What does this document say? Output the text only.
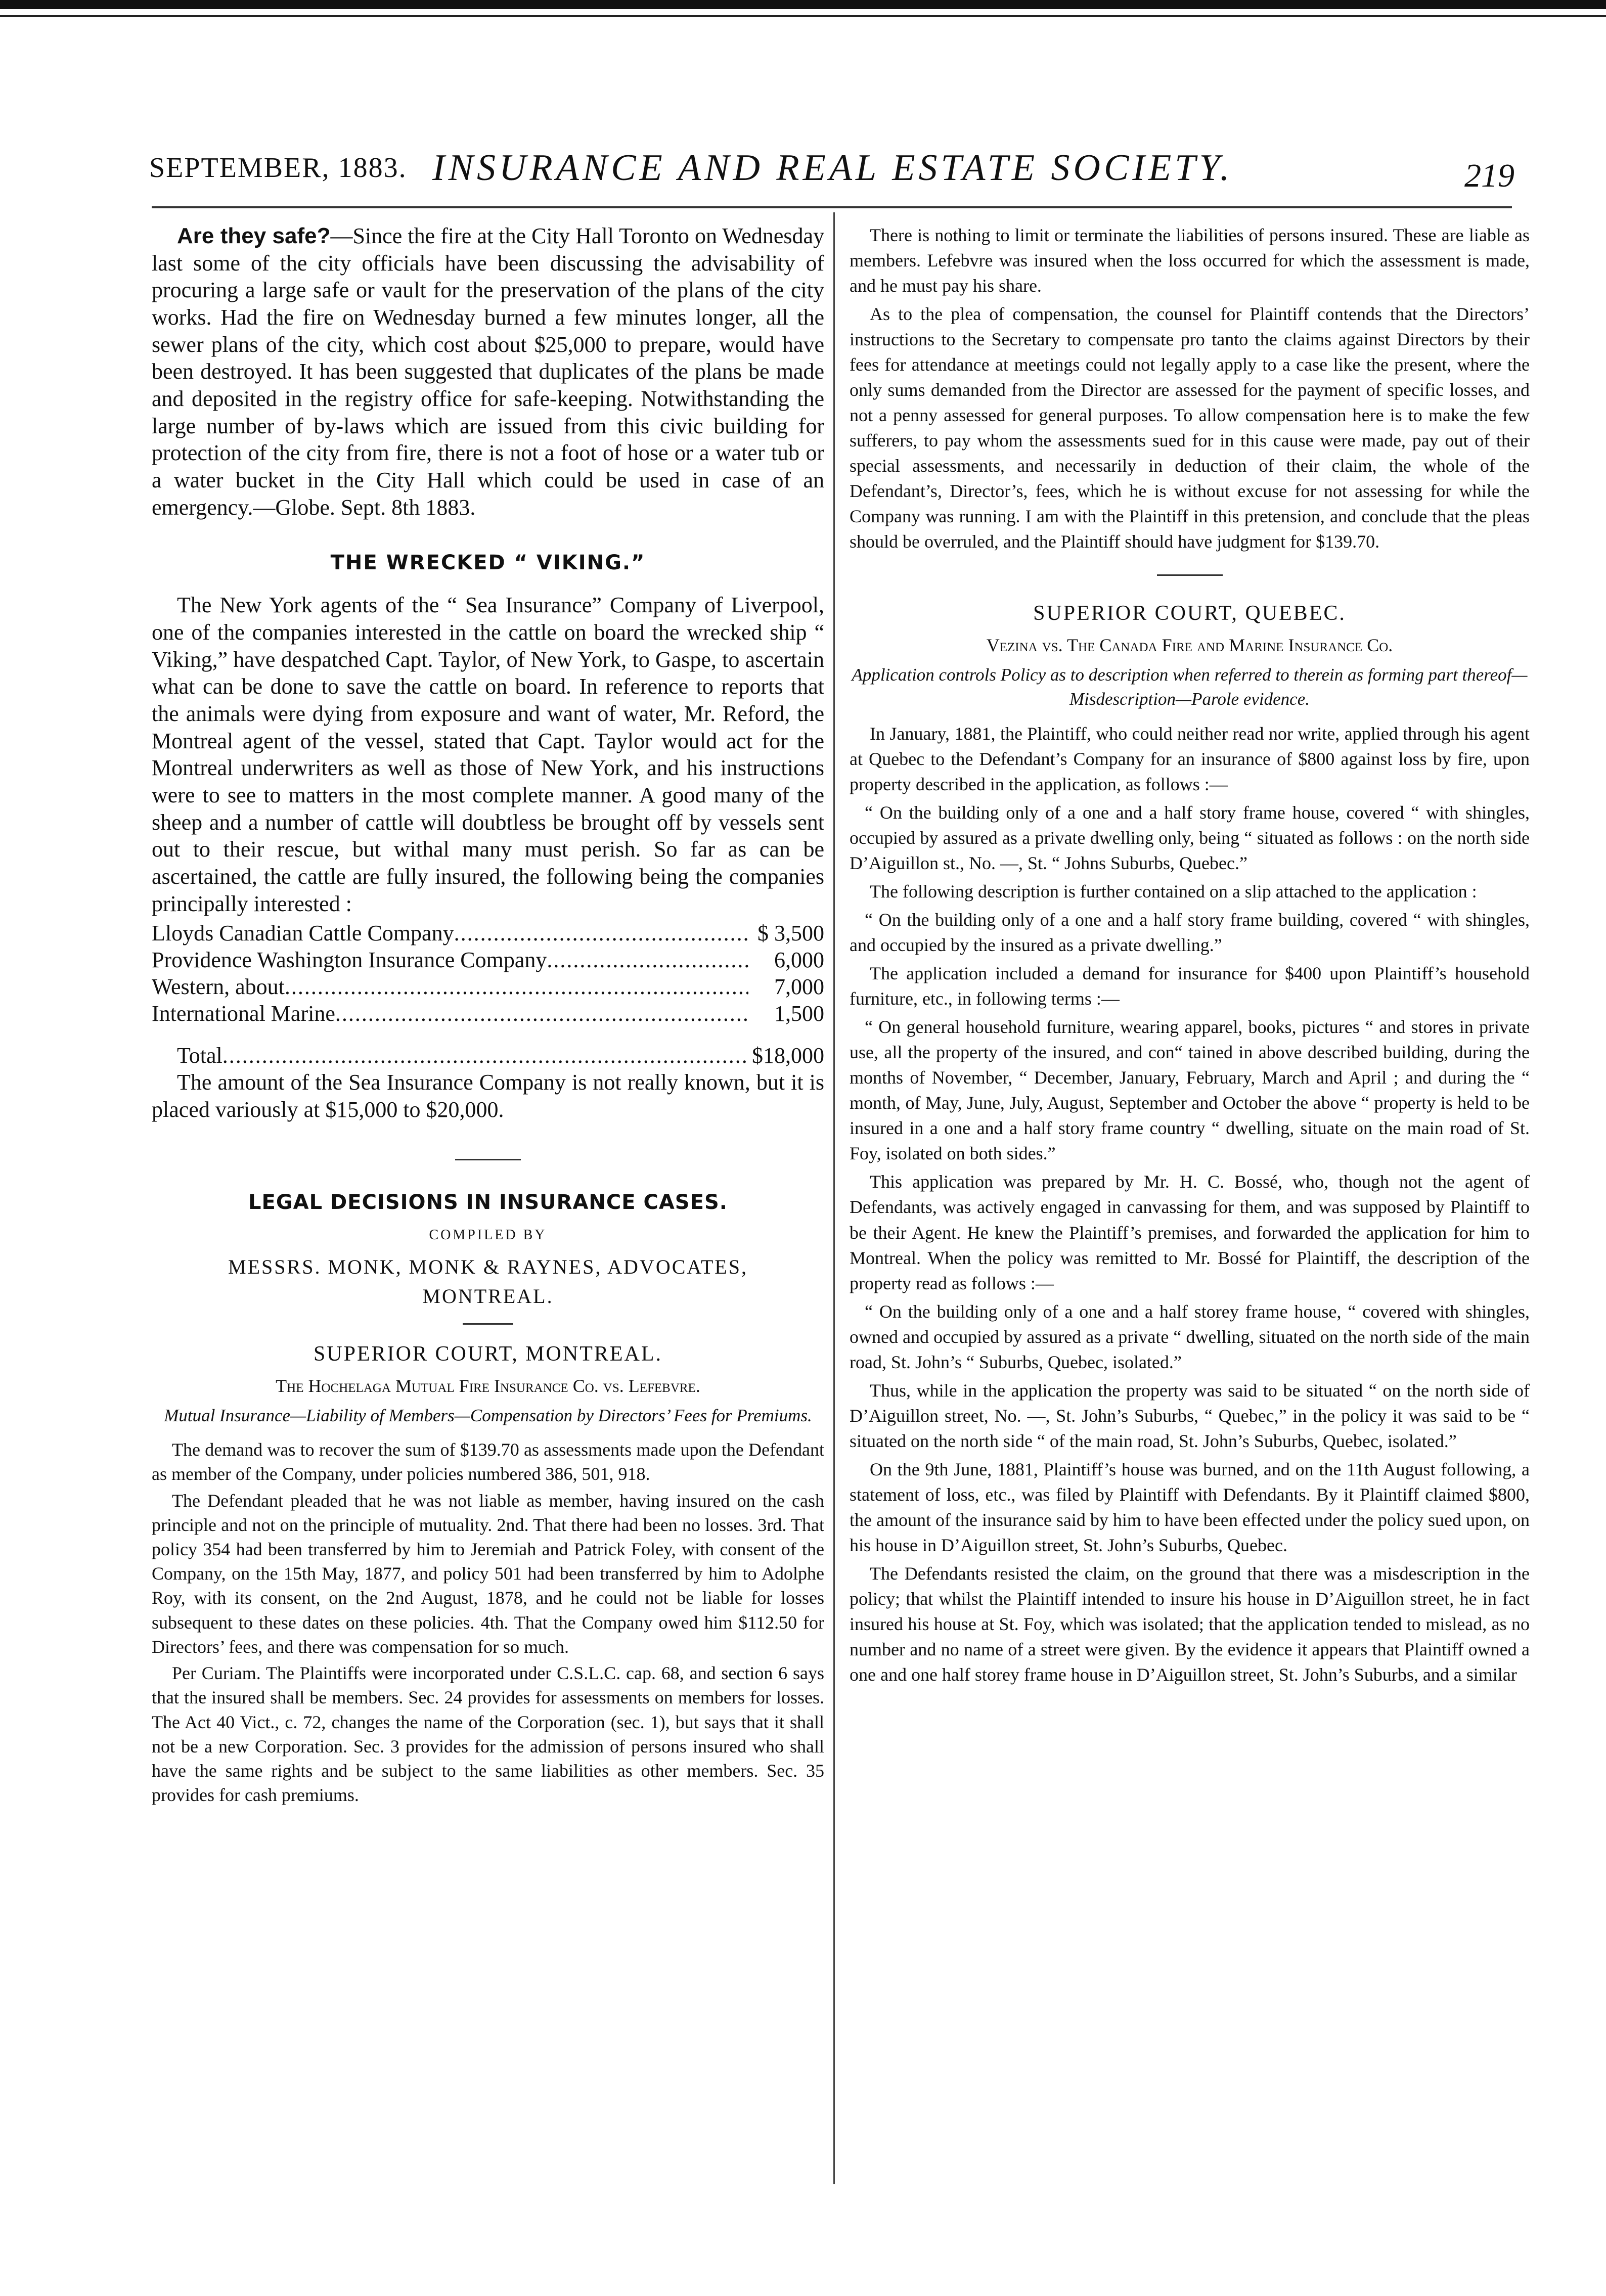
SEPTEMBER, 1883. INSURANCE AND REAL ESTATE SOCIETY.	219

Are they safe?—Since the fire at the City Hall Toronto on Wednesday last some of the city officials have been discussing the advisability of procuring a large safe or vault for the preservation of the plans of the city works. Had the fire on Wednesday burned a few minutes longer, all the sewer plans of the city, which cost about $25,000 to prepare, would have been destroyed. It has been suggested that duplicates of the plans be made and deposited in the registry office for safe-keeping. Notwithstanding the large number of by-laws which are issued from this civic building for protection of the city from fire, there is not a foot of hose or a water tub or a water bucket in the City Hall which could be used in case of an emergency.—Globe. Sept. 8th 1883.

THE WRECKED “ VIKING.”

The New York agents of the “ Sea Insurance” Company of Liverpool, one of the companies interested in the cattle on board the wrecked ship “ Viking,” have despatched Capt. Taylor, of New York, to Gaspe, to ascertain what can be done to save the cattle on board. In reference to reports that the animals were dying from exposure and want of water, Mr. Reford, the Montreal agent of the vessel, stated that Capt. Taylor would act for the Montreal underwriters as well as those of New York, and his instructions were to see to matters in the most complete manner. A good many of the sheep and a number of cattle will doubtless be brought off by vessels sent out to their rescue, but withal many must perish. So far as can be ascertained, the cattle are fully insured, the following being the companies principally interested :

Lloyds Canadian Cattle Company .....	$ 3,500
Providence Washington Insurance Company .....	6,000
Western, about .....	7,000
International Marine .....	1,500
Total .....	$18,000

The amount of the Sea Insurance Company is not really known, but it is placed variously at $15,000 to $20,000.

LEGAL DECISIONS IN INSURANCE CASES.
COMPILED BY
MESSRS. MONK, MONK & RAYNES, ADVOCATES,
MONTREAL.
SUPERIOR COURT, MONTREAL.
The Hochelaga Mutual Fire Insurance Co. vs. Lefebvre.
Mutual Insurance—Liability of Members—Compensation by Directors’ Fees for Premiums.

The demand was to recover the sum of $139.70 as assessments made upon the Defendant as member of the Company, under policies numbered 386, 501, 918.

The Defendant pleaded that he was not liable as member, having insured on the cash principle and not on the principle of mutuality. 2nd. That there had been no losses. 3rd. That policy 354 had been transferred by him to Jeremiah and Patrick Foley, with consent of the Company, on the 15th May, 1877, and policy 501 had been transferred by him to Adolphe Roy, with its consent, on the 2nd August, 1878, and he could not be liable for losses subsequent to these dates on these policies. 4th. That the Company owed him $112.50 for Directors’ fees, and there was compensation for so much.

Per Curiam. The Plaintiffs were incorporated under C.S.L.C. cap. 68, and section 6 says that the insured shall be members. Sec. 24 provides for assessments on members for losses. The Act 40 Vict., c. 72, changes the name of the Corporation (sec. 1), but says that it shall not be a new Corporation. Sec. 3 provides for the admission of persons insured who shall have the same rights and be subject to the same liabilities as other members. Sec. 35 provides for cash premiums.

There is nothing to limit or terminate the liabilities of persons insured. These are liable as members. Lefebvre was insured when the loss occurred for which the assessment is made, and he must pay his share.

As to the plea of compensation, the counsel for Plaintiff contends that the Directors’ instructions to the Secretary to compensate pro tanto the claims against Directors by their fees for attendance at meetings could not legally apply to a case like the present, where the only sums demanded from the Director are assessed for the payment of specific losses, and not a penny assessed for general purposes. To allow compensation here is to make the few sufferers, to pay whom the assessments sued for in this cause were made, pay out of their special assessments, and necessarily in deduction of their claim, the whole of the Defendant’s, Director’s, fees, which he is without excuse for not assessing for while the Company was running. I am with the Plaintiff in this pretension, and conclude that the pleas should be overruled, and the Plaintiff should have judgment for $139.70.

SUPERIOR COURT, QUEBEC.
Vezina vs. The Canada Fire and Marine Insurance Co.
Application controls Policy as to description when referred to therein as forming part thereof—Misdescription—Parole evidence.

In January, 1881, the Plaintiff, who could neither read nor write, applied through his agent at Quebec to the Defendant’s Company for an insurance of $800 against loss by fire, upon property described in the application, as follows :—

“ On the building only of a one and a half story frame house, covered “ with shingles, occupied by assured as a private dwelling only, being “ situated as follows : on the north side D’Aiguillon st., No. —, St. “ Johns Suburbs, Quebec.”

The following description is further contained on a slip attached to the application :

“ On the building only of a one and a half story frame building, covered “ with shingles, and occupied by the insured as a private dwelling.”

The application included a demand for insurance for $400 upon Plaintiff’s household furniture, etc., in following terms :—

“ On general household furniture, wearing apparel, books, pictures “ and stores in private use, all the property of the insured, and con“ tained in above described building, during the months of November, “ December, January, February, March and April ; and during the “ month, of May, June, July, August, September and October the above “ property is held to be insured in a one and a half story frame country “ dwelling, situate on the main road of St. Foy, isolated on both sides.”

This application was prepared by Mr. H. C. Bossé, who, though not the agent of Defendants, was actively engaged in canvassing for them, and was supposed by Plaintiff to be their Agent. He knew the Plaintiff’s premises, and forwarded the application for him to Montreal. When the policy was remitted to Mr. Bossé for Plaintiff, the description of the property read as follows :—

“ On the building only of a one and a half storey frame house, “ covered with shingles, owned and occupied by assured as a private “ dwelling, situated on the north side of the main road, St. John’s “ Suburbs, Quebec, isolated.”

Thus, while in the application the property was said to be situated “ on the north side of D’Aiguillon street, No. —, St. John’s Suburbs, “ Quebec,” in the policy it was said to be “ situated on the north side “ of the main road, St. John’s Suburbs, Quebec, isolated.”

On the 9th June, 1881, Plaintiff’s house was burned, and on the 11th August following, a statement of loss, etc., was filed by Plaintiff with Defendants. By it Plaintiff claimed $800, the amount of the insurance said by him to have been effected under the policy sued upon, on his house in D’Aiguillon street, St. John’s Suburbs, Quebec.

The Defendants resisted the claim, on the ground that there was a misdescription in the policy; that whilst the Plaintiff intended to insure his house in D’Aiguillon street, he in fact insured his house at St. Foy, which was isolated; that the application tended to mislead, as no number and no name of a street were given. By the evidence it appears that Plaintiff owned a one and one half storey frame house in D’Aiguillon street, St. John’s Suburbs, and a similar
